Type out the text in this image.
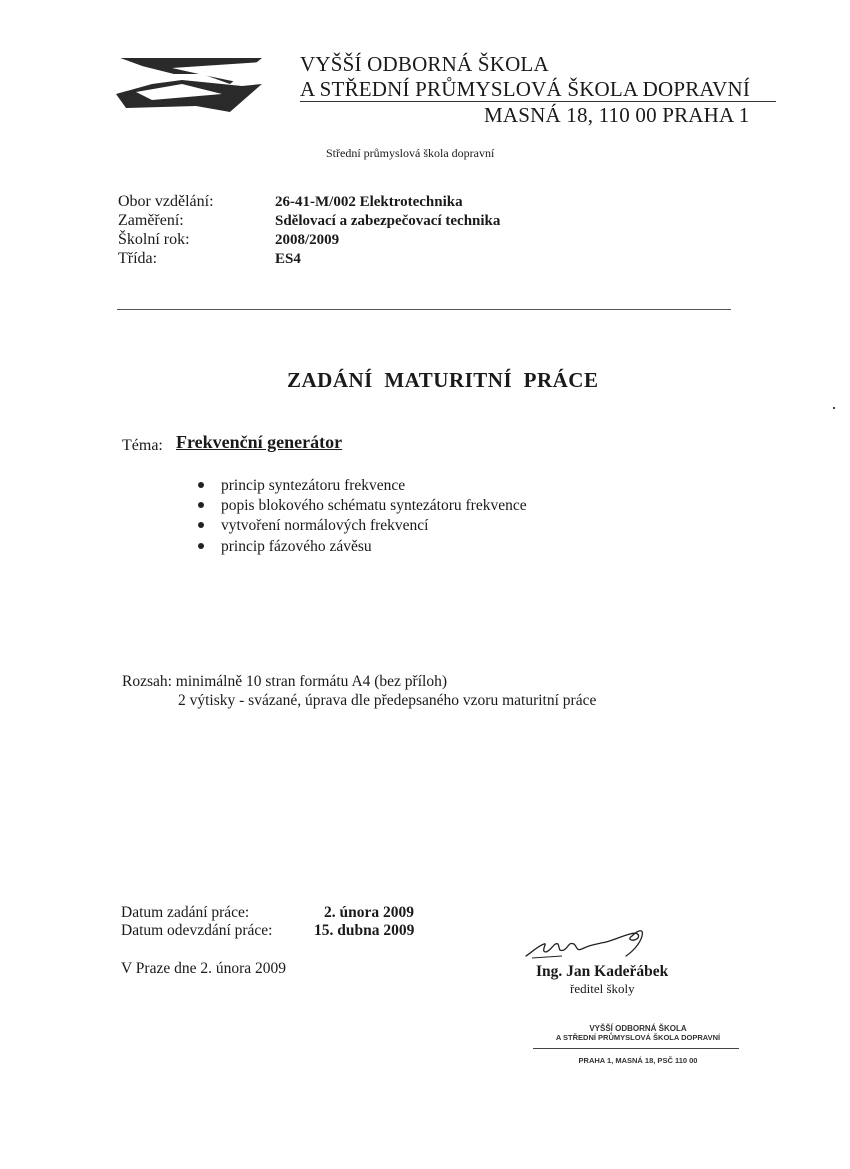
VYŠŠÍ ODBORNÁ ŠKOLA
A STŘEDNÍ PRŮMYSLOVÁ ŠKOLA DOPRAVNÍ
MASNÁ 18, 110 00 PRAHA 1
Střední průmyslová škola dopravní
Obor vzdělání:	26-41-M/002 Elektrotechnika
Zaměření:	Sdělovací a zabezpečovací technika
Školní rok:	2008/2009
Třída:	ES4
ZADÁNÍ  MATURITNÍ  PRÁCE
Téma: Frekvenční generátor
princip syntezátoru frekvence
popis blokového schématu syntezátoru frekvence
vytvoření normálových frekvencí
princip fázového závěsu
Rozsah: minimálně 10 stran formátu A4 (bez příloh)
2 výtisky - svázané, úprava dle předepsaného vzoru maturitní práce
Datum zadání práce:	2. února 2009
Datum odevzdání práce:	15. dubna 2009
V Praze dne 2. února 2009	Ing. Jan Kadeřábek
ředitel školy
VYŠŠÍ ODBORNÁ ŠKOLA
A STŘEDNÍ PRŮMYSLOVÁ ŠKOLA DOPRAVNÍ
PRAHA 1, MASNÁ 18, PSČ 110 00
